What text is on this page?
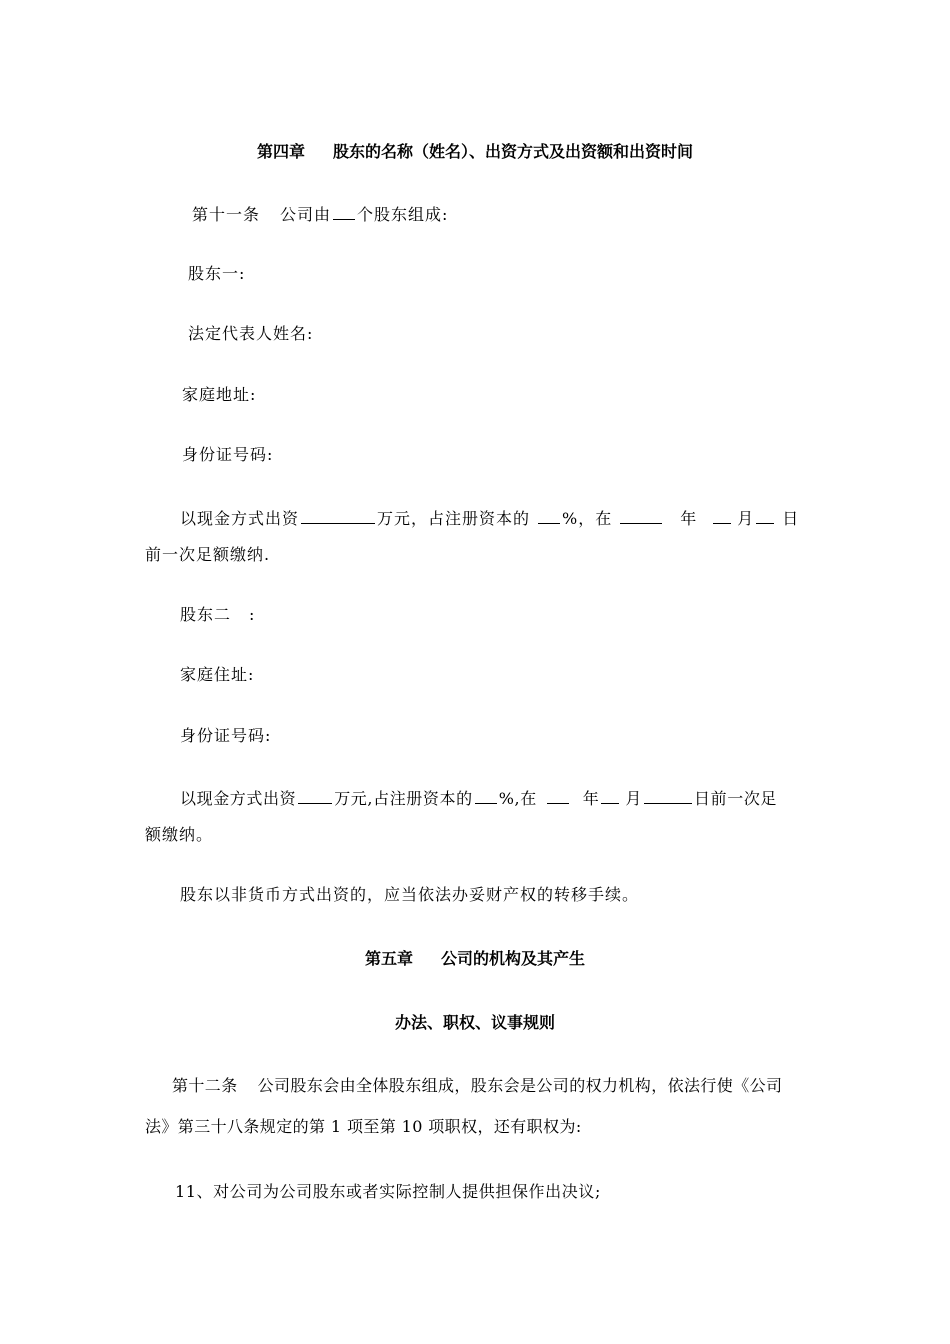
第四章 股东的名称（姓名）、出资方式及出资额和出资时间
第十一条 公司由 个股东组成:
股东一:
法定代表人姓名:
家庭地址:
身份证号码:
以现金方式出资	万元，占注册资本的 %，在	年	月 日
前一次足额缴纳.
股东二 :
家庭住址:
身份证号码:
以现金方式出资 万元,占注册资本的 %,在	年 月	日前一次足
额缴纳。
股东以非货币方式出资的，应当依法办妥财产权的转移手续。
第五章 公司的机构及其产生
办法、职权、议事规则
第十二条 公司股东会由全体股东组成，股东会是公司的权力机构，依法行使《公司
法》第三十八条规定的第 1 项至第 10 项职权，还有职权为:
11、对公司为公司股东或者实际控制人提供担保作出决议;
